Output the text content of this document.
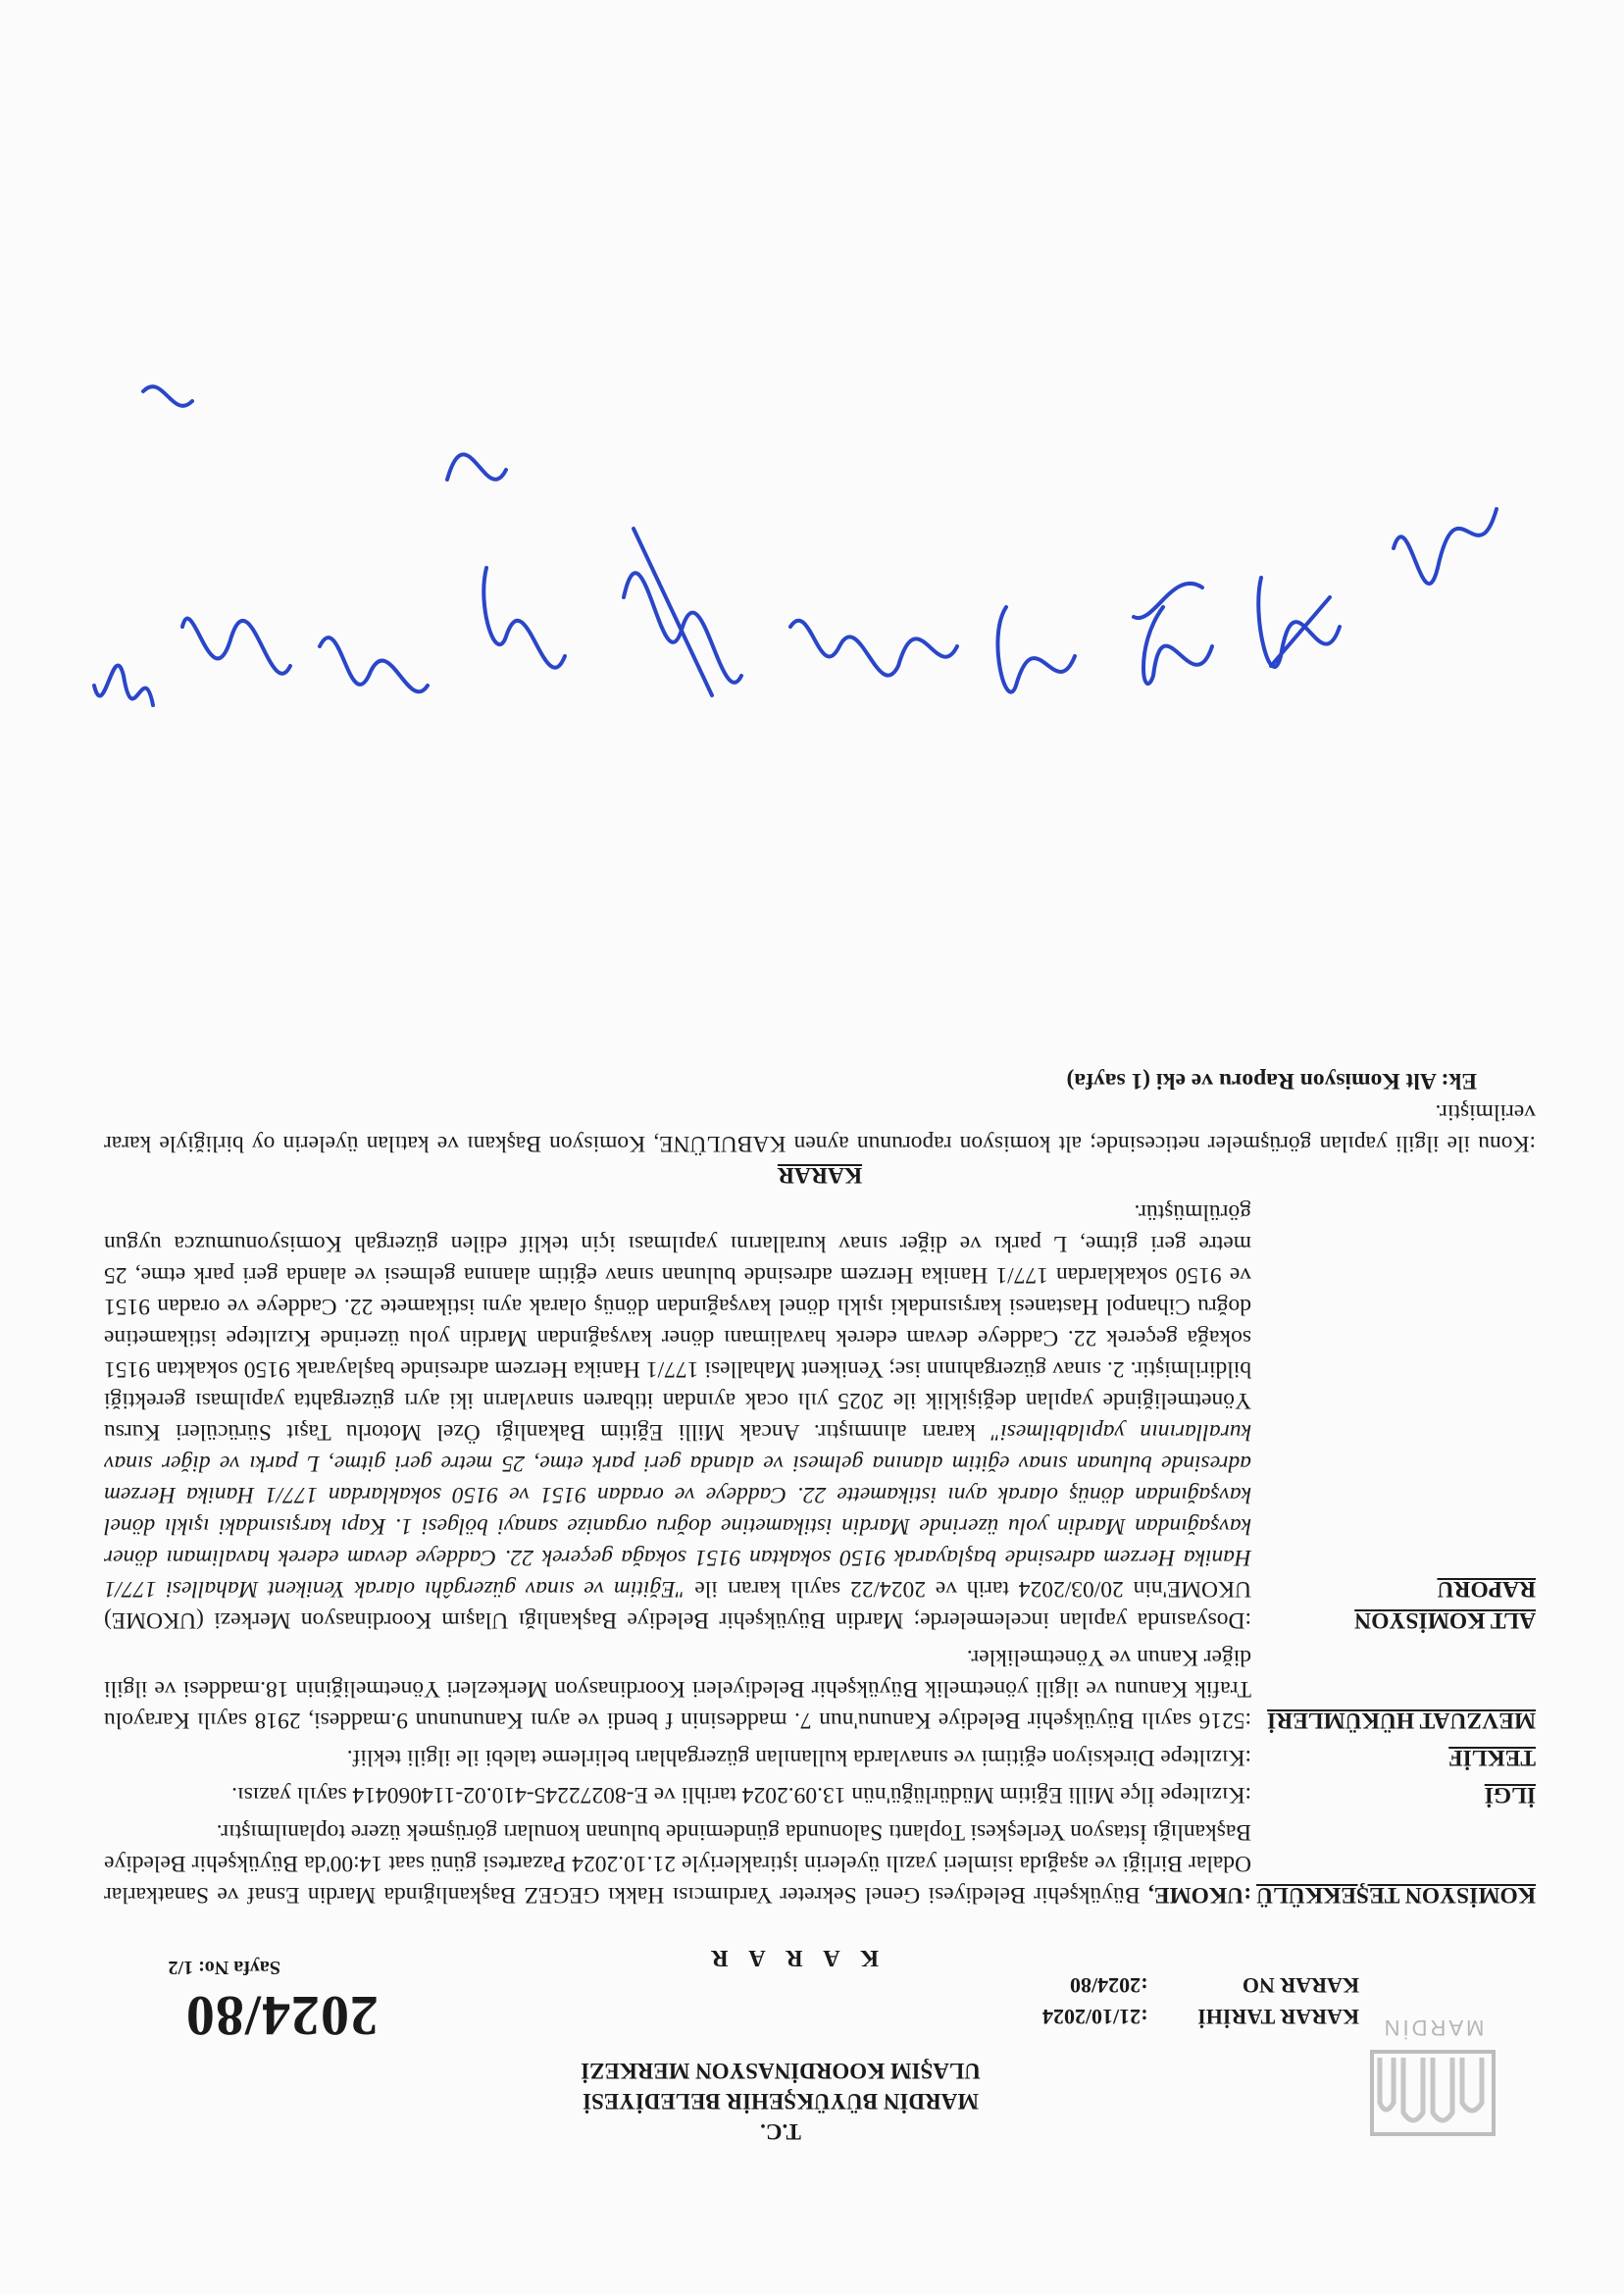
MARDİN
T.C.
MARDİN BÜYÜKŞEHİR BELEDİYESİ
ULAŞIM KOORDİNASYON MERKEZİ
KARAR TARİHİ :21/10/2024
KARAR NO :2024/80
2024/80
Sayfa No: 1/2	K A R A R
KOMİSYON TEŞEKKÜLÜ
:UKOME, Büyükşehir Belediyesi Genel Sekreter Yardımcısı Hakkı GEGEZ Başkanlığında Mardin Esnaf ve Sanatkarlar Odalar Birliği ve aşağıda isimleri yazılı üyelerin iştirakleriyle 21.10.2024 Pazartesi günü saat 14:00'da Büyükşehir Belediye Başkanlığı İstasyon Yerleşkesi Toplantı Salonunda gündeminde bulunan konuları görüşmek üzere toplanılmıştır.
İLGİ
:Kızıltepe İlçe Milli Eğitim Müdürlüğü'nün 13.09.2024 tarihli ve E-80272245-410.02-114060414 sayılı yazısı.
TEKLİF
:Kızıltepe Direksiyon eğitimi ve sınavlarda kullanılan güzergahları belirleme talebi ile ilgili teklif.
MEVZUAT HÜKÜMLERİ
:5216 sayılı Büyükşehir Belediye Kanunu'nun 7. maddesinin f bendi ve aynı Kanununun 9.maddesi, 2918 sayılı Karayolu Trafik Kanunu ve ilgili yönetmelik Büyükşehir Belediyeleri Koordinasyon Merkezleri Yönetmeliğinin 18.maddesi ve ilgili diğer Kanun ve Yönetmelikler.
ALT KOMİSYON RAPORU
:Dosyasında yapılan incelemelerde; Mardin Büyükşehir Belediye Başkanlığı Ulaşım Koordinasyon Merkezi (UKOME) UKOME'nin 20/03/2024 tarih ve 2024/22 sayılı kararı ile "Eğitim ve sınav güzergâhı olarak Yenikent Mahallesi 177/1 Hanika Herzem adresinde başlayarak 9150 sokaktan 9151 sokağa geçerek 22. Caddeye devam ederek havalimanı döner kavşağından Mardin yolu üzerinde Mardin istikametine doğru organize sanayi bölgesi 1. Kapı karşısındaki ışıklı dönel kavşağından dönüş olarak aynı istikamette 22. Caddeye ve oradan 9151 ve 9150 sokaklardan 177/1 Hanika Herzem adresinde bulunan sınav eğitim alanına gelmesi ve alanda geri park etme, 25 metre geri gitme, L parkı ve diğer sınav kurallarının yapılabilmesi" kararı alınmıştır. Ancak Milli Eğitim Bakanlığı Özel Motorlu Taşıt Sürücüleri Kursu Yönetmeliğinde yapılan değişiklik ile 2025 yılı ocak ayından itibaren sınavların iki ayrı güzergahta yapılması gerektiği bildirilmiştir. 2. sınav güzergahının ise; Yenikent Mahallesi 177/1 Hanika Herzem adresinde başlayarak 9150 sokaktan 9151 sokağa geçerek 22. Caddeye devam ederek havalimanı döner kavşağından Mardin yolu üzerinde Kızıltepe istikametine doğru Cihanpol Hastanesi karşısındaki ışıklı dönel kavşağından dönüş olarak aynı istikamete 22. Caddeye ve oradan 9151 ve 9150 sokaklardan 177/1 Hanika Herzem adresinde bulunan sınav eğitim alanına gelmesi ve alanda geri park etme, 25 metre geri gitme, L parkı ve diğer sınav kurallarını yapılması için teklif edilen güzergah Komisyonumuzca uygun görülmüştür.
KARAR
:Konu ile ilgili yapılan görüşmeler neticesinde; alt komisyon raporunun aynen KABULÜNE, Komisyon Başkanı ve katılan üyelerin oy birliğiyle karar verilmiştir.
Ek: Alt Komisyon Raporu ve eki (1 sayfa)
